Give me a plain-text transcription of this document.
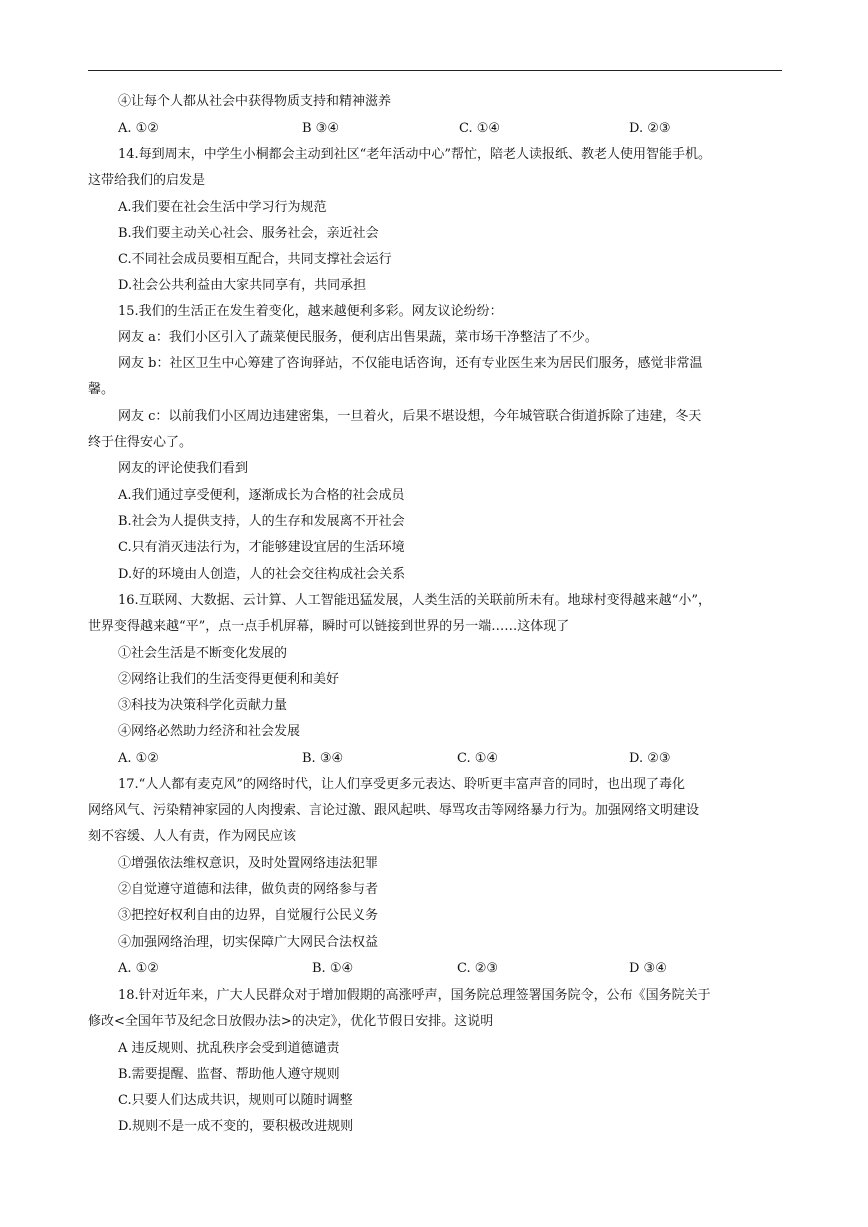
④让每个人都从社会中获得物质支持和精神滋养
A. ①②	B ③④	C. ①④	D. ②③
14.每到周末，中学生小桐都会主动到社区“老年活动中心”帮忙，陪老人读报纸、教老人使用智能手机。
这带给我们的启发是
A.我们要在社会生活中学习行为规范
B.我们要主动关心社会、服务社会，亲近社会
C.不同社会成员要相互配合，共同支撑社会运行
D.社会公共利益由大家共同享有，共同承担
15.我们的生活正在发生着变化，越来越便利多彩。网友议论纷纷：
网友 a：我们小区引入了蔬菜便民服务，便利店出售果蔬，菜市场干净整洁了不少。
网友 b：社区卫生中心筹建了咨询驿站，不仅能电话咨询，还有专业医生来为居民们服务，感觉非常温
馨。
网友 c：以前我们小区周边违建密集，一旦着火，后果不堪设想，今年城管联合街道拆除了违建，冬天
终于住得安心了。
网友的评论使我们看到
A.我们通过享受便利，逐渐成长为合格的社会成员
B.社会为人提供支持，人的生存和发展离不开社会
C.只有消灭违法行为，才能够建设宜居的生活环境
D.好的环境由人创造，人的社会交往构成社会关系
16.互联网、大数据、云计算、人工智能迅猛发展，人类生活的关联前所未有。地球村变得越来越“小”，
世界变得越来越“平”，点一点手机屏幕，瞬时可以链接到世界的另一端……这体现了
①社会生活是不断变化发展的
②网络让我们的生活变得更便利和美好
③科技为决策科学化贡献力量
④网络必然助力经济和社会发展
A. ①②	B. ③④	C. ①④	D. ②③
17.“人人都有麦克风”的网络时代，让人们享受更多元表达、聆听更丰富声音的同时，也出现了毒化
网络风气、污染精神家园的人肉搜索、言论过激、跟风起哄、辱骂攻击等网络暴力行为。加强网络文明建设
刻不容缓、人人有责，作为网民应该
①增强依法维权意识，及时处置网络违法犯罪
②自觉遵守道德和法律，做负责的网络参与者
③把控好权利自由的边界，自觉履行公民义务
④加强网络治理，切实保障广大网民合法权益
A. ①②	B. ①④	C. ②③	D ③④
18.针对近年来，广大人民群众对于增加假期的高涨呼声，国务院总理签署国务院令，公布《国务院关于
修改<全国年节及纪念日放假办法>的决定》，优化节假日安排。这说明
A 违反规则、扰乱秩序会受到道德谴责
B.需要提醒、监督、帮助他人遵守规则
C.只要人们达成共识，规则可以随时调整
D.规则不是一成不变的，要积极改进规则
